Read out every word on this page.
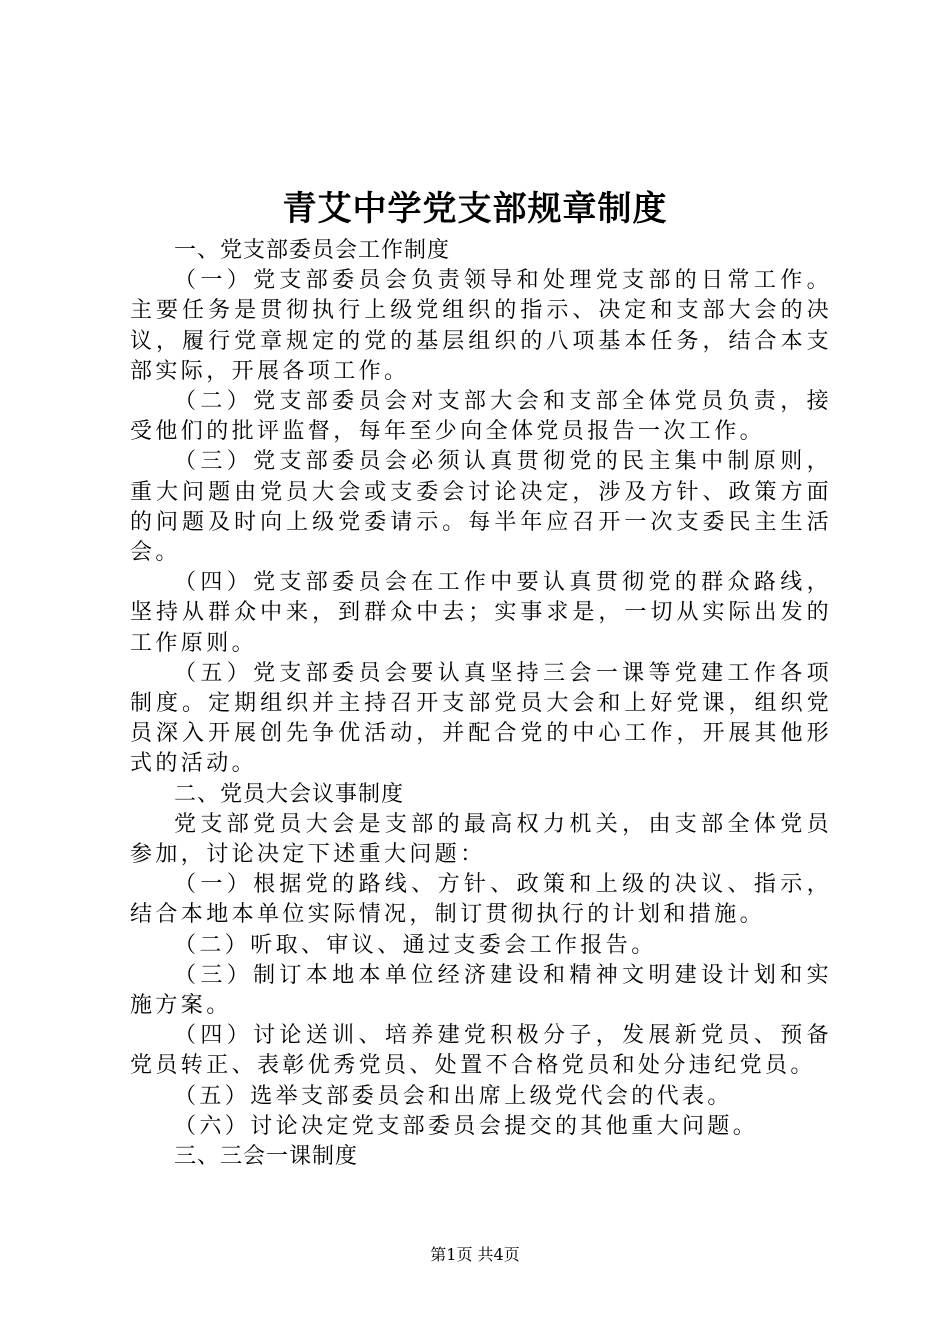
青艾中学党支部规章制度

一、党支部委员会工作制度

（一）党支部委员会负责领导和处理党支部的日常工作。主要任务是贯彻执行上级党组织的指示、决定和支部大会的决议，履行党章规定的党的基层组织的八项基本任务，结合本支部实际，开展各项工作。

（二）党支部委员会对支部大会和支部全体党员负责，接受他们的批评监督，每年至少向全体党员报告一次工作。

（三）党支部委员会必须认真贯彻党的民主集中制原则，重大问题由党员大会或支委会讨论决定，涉及方针、政策方面的问题及时向上级党委请示。每半年应召开一次支委民主生活会。

（四）党支部委员会在工作中要认真贯彻党的群众路线，坚持从群众中来，到群众中去；实事求是，一切从实际出发的工作原则。

（五）党支部委员会要认真坚持三会一课等党建工作各项制度。定期组织并主持召开支部党员大会和上好党课，组织党员深入开展创先争优活动，并配合党的中心工作，开展其他形式的活动。

二、党员大会议事制度

党支部党员大会是支部的最高权力机关，由支部全体党员参加，讨论决定下述重大问题：

（一）根据党的路线、方针、政策和上级的决议、指示，结合本地本单位实际情况，制订贯彻执行的计划和措施。

（二）听取、审议、通过支委会工作报告。

（三）制订本地本单位经济建设和精神文明建设计划和实施方案。

（四）讨论送训、培养建党积极分子，发展新党员、预备党员转正、表彰优秀党员、处置不合格党员和处分违纪党员。

（五）选举支部委员会和出席上级党代会的代表。

（六）讨论决定党支部委员会提交的其他重大问题。

三、三会一课制度

第1页 共4页
